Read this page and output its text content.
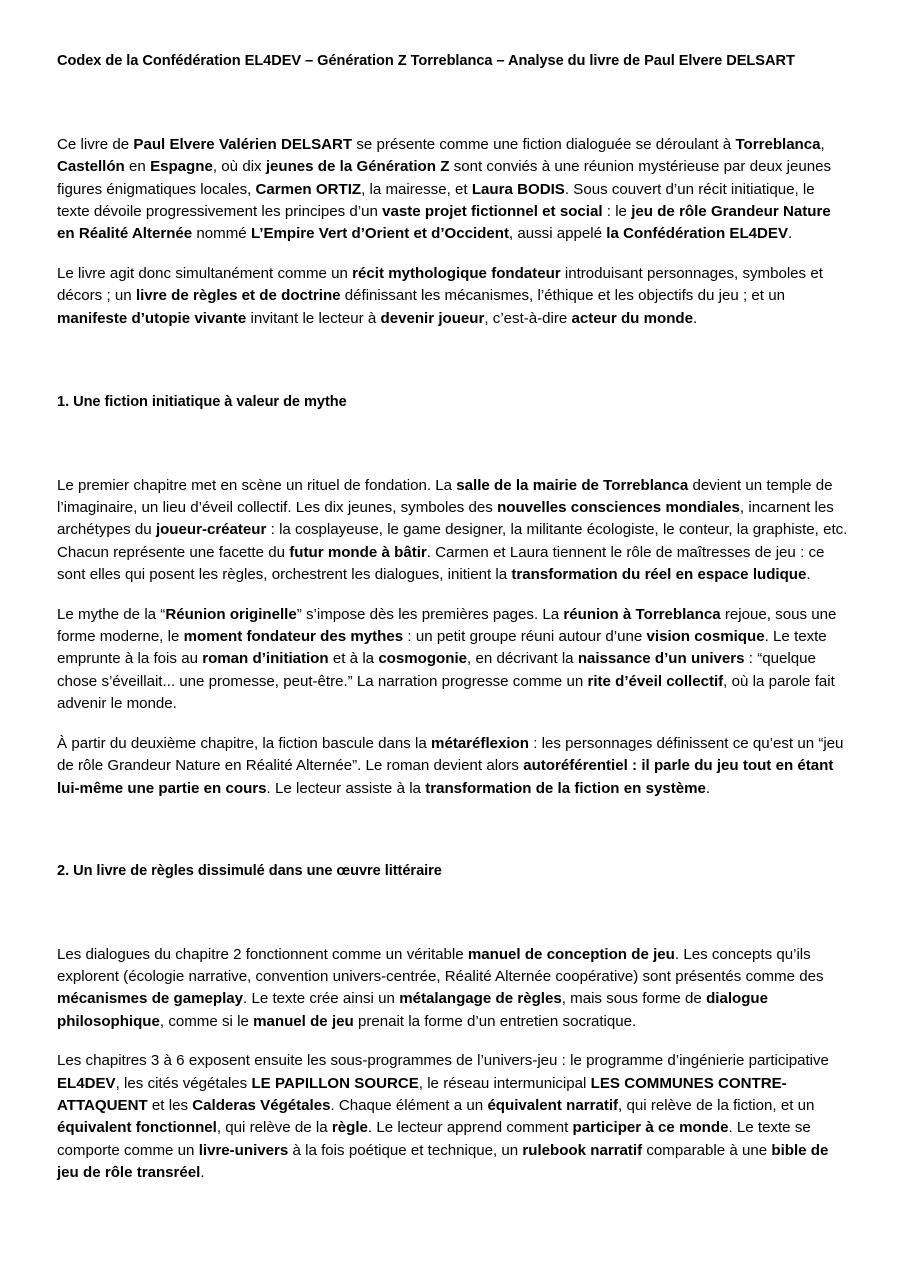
Codex de la Confédération EL4DEV – Génération Z Torreblanca – Analyse du livre de Paul Elvere DELSART

Ce livre de Paul Elvere Valérien DELSART se présente comme une fiction dialoguée se déroulant à Torreblanca, Castellón en Espagne, où dix jeunes de la Génération Z sont conviés à une réunion mystérieuse par deux jeunes figures énigmatiques locales, Carmen ORTIZ, la mairesse, et Laura BODIS. Sous couvert d’un récit initiatique, le texte dévoile progressivement les principes d’un vaste projet fictionnel et social : le jeu de rôle Grandeur Nature en Réalité Alternée nommé L’Empire Vert d’Orient et d’Occident, aussi appelé la Confédération EL4DEV.

Le livre agit donc simultanément comme un récit mythologique fondateur introduisant personnages, symboles et décors ; un livre de règles et de doctrine définissant les mécanismes, l’éthique et les objectifs du jeu ; et un manifeste d’utopie vivante invitant le lecteur à devenir joueur, c’est-à-dire acteur du monde.

1. Une fiction initiatique à valeur de mythe

Le premier chapitre met en scène un rituel de fondation. La salle de la mairie de Torreblanca devient un temple de l’imaginaire, un lieu d’éveil collectif. Les dix jeunes, symboles des nouvelles consciences mondiales, incarnent les archétypes du joueur-créateur : la cosplayeuse, le game designer, la militante écologiste, le conteur, la graphiste, etc. Chacun représente une facette du futur monde à bâtir. Carmen et Laura tiennent le rôle de maîtresses de jeu : ce sont elles qui posent les règles, orchestrent les dialogues, initient la transformation du réel en espace ludique.

Le mythe de la “Réunion originelle” s’impose dès les premières pages. La réunion à Torreblanca rejoue, sous une forme moderne, le moment fondateur des mythes : un petit groupe réuni autour d’une vision cosmique. Le texte emprunte à la fois au roman d’initiation et à la cosmogonie, en décrivant la naissance d’un univers : “quelque chose s’éveillait... une promesse, peut-être.” La narration progresse comme un rite d’éveil collectif, où la parole fait advenir le monde.

À partir du deuxième chapitre, la fiction bascule dans la métaréflexion : les personnages définissent ce qu’est un “jeu de rôle Grandeur Nature en Réalité Alternée”. Le roman devient alors autoréférentiel : il parle du jeu tout en étant lui-même une partie en cours. Le lecteur assiste à la transformation de la fiction en système.

2. Un livre de règles dissimulé dans une œuvre littéraire

Les dialogues du chapitre 2 fonctionnent comme un véritable manuel de conception de jeu. Les concepts qu’ils explorent (écologie narrative, convention univers-centrée, Réalité Alternée coopérative) sont présentés comme des mécanismes de gameplay. Le texte crée ainsi un métalangage de règles, mais sous forme de dialogue philosophique, comme si le manuel de jeu prenait la forme d’un entretien socratique.

Les chapitres 3 à 6 exposent ensuite les sous-programmes de l’univers-jeu : le programme d’ingénierie participative EL4DEV, les cités végétales LE PAPILLON SOURCE, le réseau intermunicipal LES COMMUNES CONTRE-ATTAQUENT et les Calderas Végétales. Chaque élément a un équivalent narratif, qui relève de la fiction, et un équivalent fonctionnel, qui relève de la règle. Le lecteur apprend comment participer à ce monde. Le texte se comporte comme un livre-univers à la fois poétique et technique, un rulebook narratif comparable à une bible de jeu de rôle transréel.
